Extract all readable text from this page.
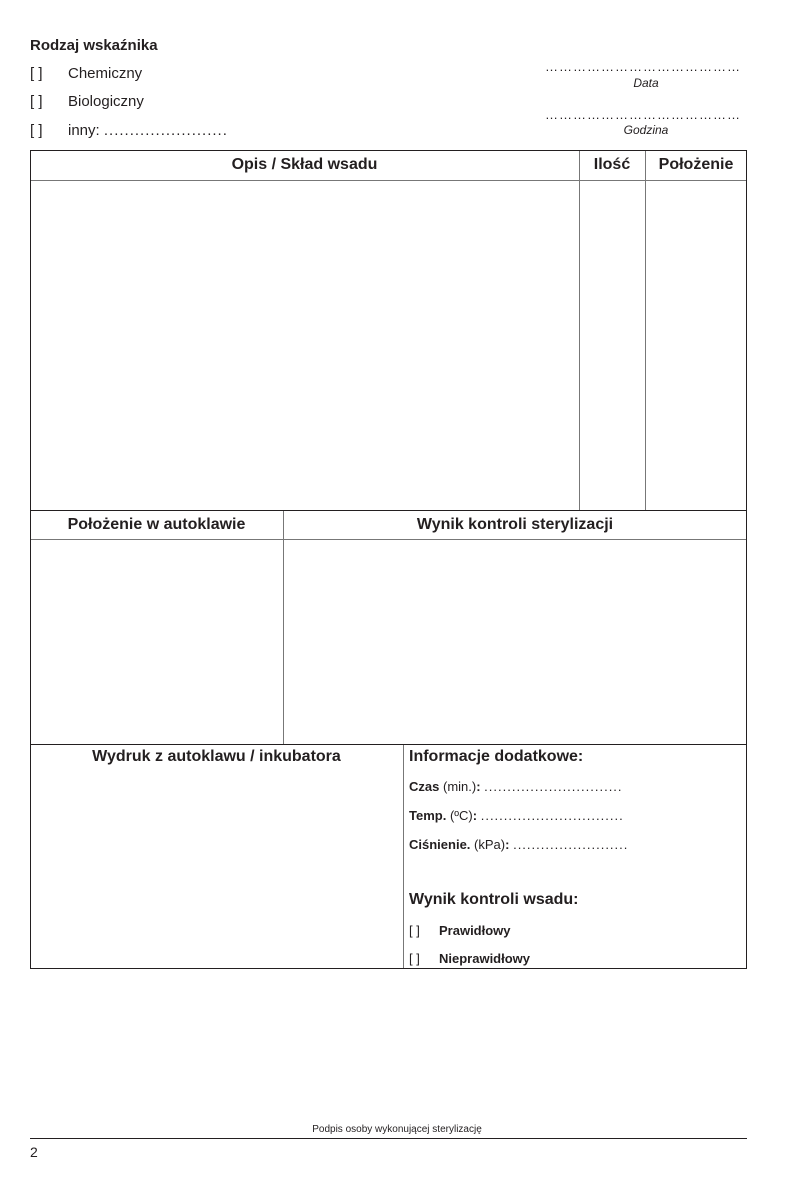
Rodzaj wskaźnika
[ ] Chemiczny
[ ] Biologiczny
[ ] inny: ........................
……………………………………
Data
……………………………………
Godzina
Opis / Skład wsadu	Ilość	Położenie
Położenie w autoklawie	Wynik kontroli sterylizacji
Wydruk z autoklawu / inkubatora	Informacje dodatkowe:
Czas (min.): ..............................
Temp. (ºC): ...............................
Ciśnienie. (kPa): .........................
Wynik kontroli wsadu:
[ ] Prawidłowy
[ ] Nieprawidłowy
Podpis osoby wykonującej sterylizację
2
